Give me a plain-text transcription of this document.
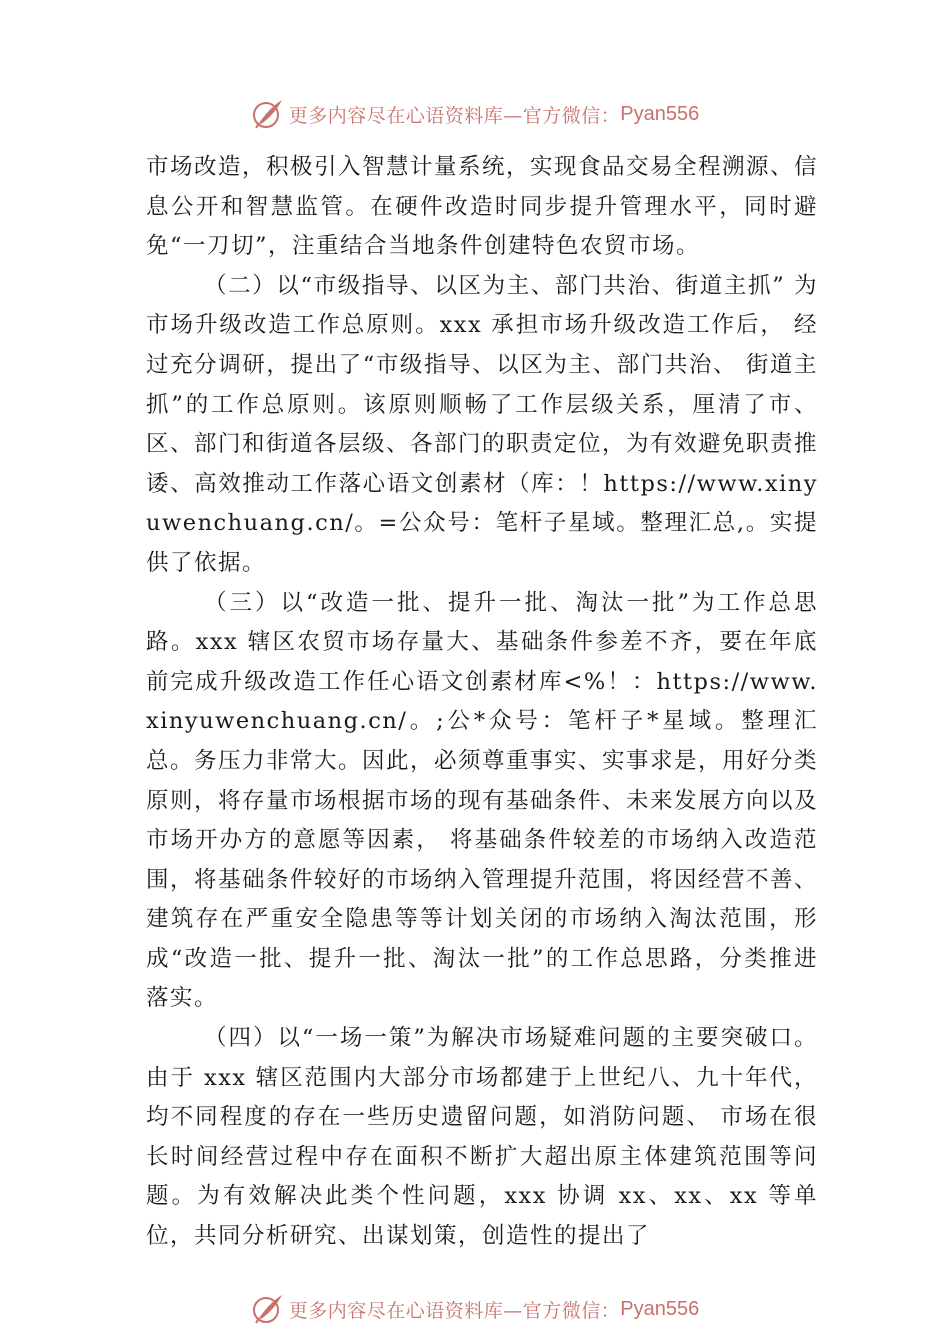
更多内容尽在心语资料库—官方微信： Pyan556

市场改造，积极引入智慧计量系统，实现食品交易全程溯源、信息公开和智慧监管。在硬件改造时同步提升管理水平，同时避免“一刀切”，注重结合当地条件创建特色农贸市场。

（二）以“市级指导、以区为主、部门共治、街道主抓” 为市场升级改造工作总原则。xxx 承担市场升级改造工作后， 经过充分调研，提出了“市级指导、以区为主、部门共治、 街道主抓”的工作总原则。该原则顺畅了工作层级关系，厘清了市、区、部门和街道各层级、各部门的职责定位，为有效避免职责推诿、高效推动工作落心语文创素材（库：！https://www.xinyuwenchuang.cn/。=公众号：笔杆子星域。整理汇总,。实提供了依据。

（三）以“改造一批、提升一批、淘汰一批”为工作总思路。xxx 辖区农贸市场存量大、基础条件参差不齐，要在年底前完成升级改造工作任心语文创素材库<%！：https://www.xinyuwenchuang.cn/。;公*众号：笔杆子*星域。整理汇总。务压力非常大。因此，必须尊重事实、实事求是，用好分类原则，将存量市场根据市场的现有基础条件、未来发展方向以及市场开办方的意愿等因素， 将基础条件较差的市场纳入改造范围，将基础条件较好的市场纳入管理提升范围，将因经营不善、建筑存在严重安全隐患等等计划关闭的市场纳入淘汰范围，形成“改造一批、提升一批、淘汰一批”的工作总思路，分类推进落实。

（四）以“一场一策”为解决市场疑难问题的主要突破口。由于 xxx 辖区范围内大部分市场都建于上世纪八、九十年代，均不同程度的存在一些历史遗留问题，如消防问题、 市场在很长时间经营过程中存在面积不断扩大超出原主体建筑范围等问题。为有效解决此类个性问题，xxx 协调 xx、xx、xx 等单位，共同分析研究、出谋划策，创造性的提出了

更多内容尽在心语资料库—官方微信： Pyan556
